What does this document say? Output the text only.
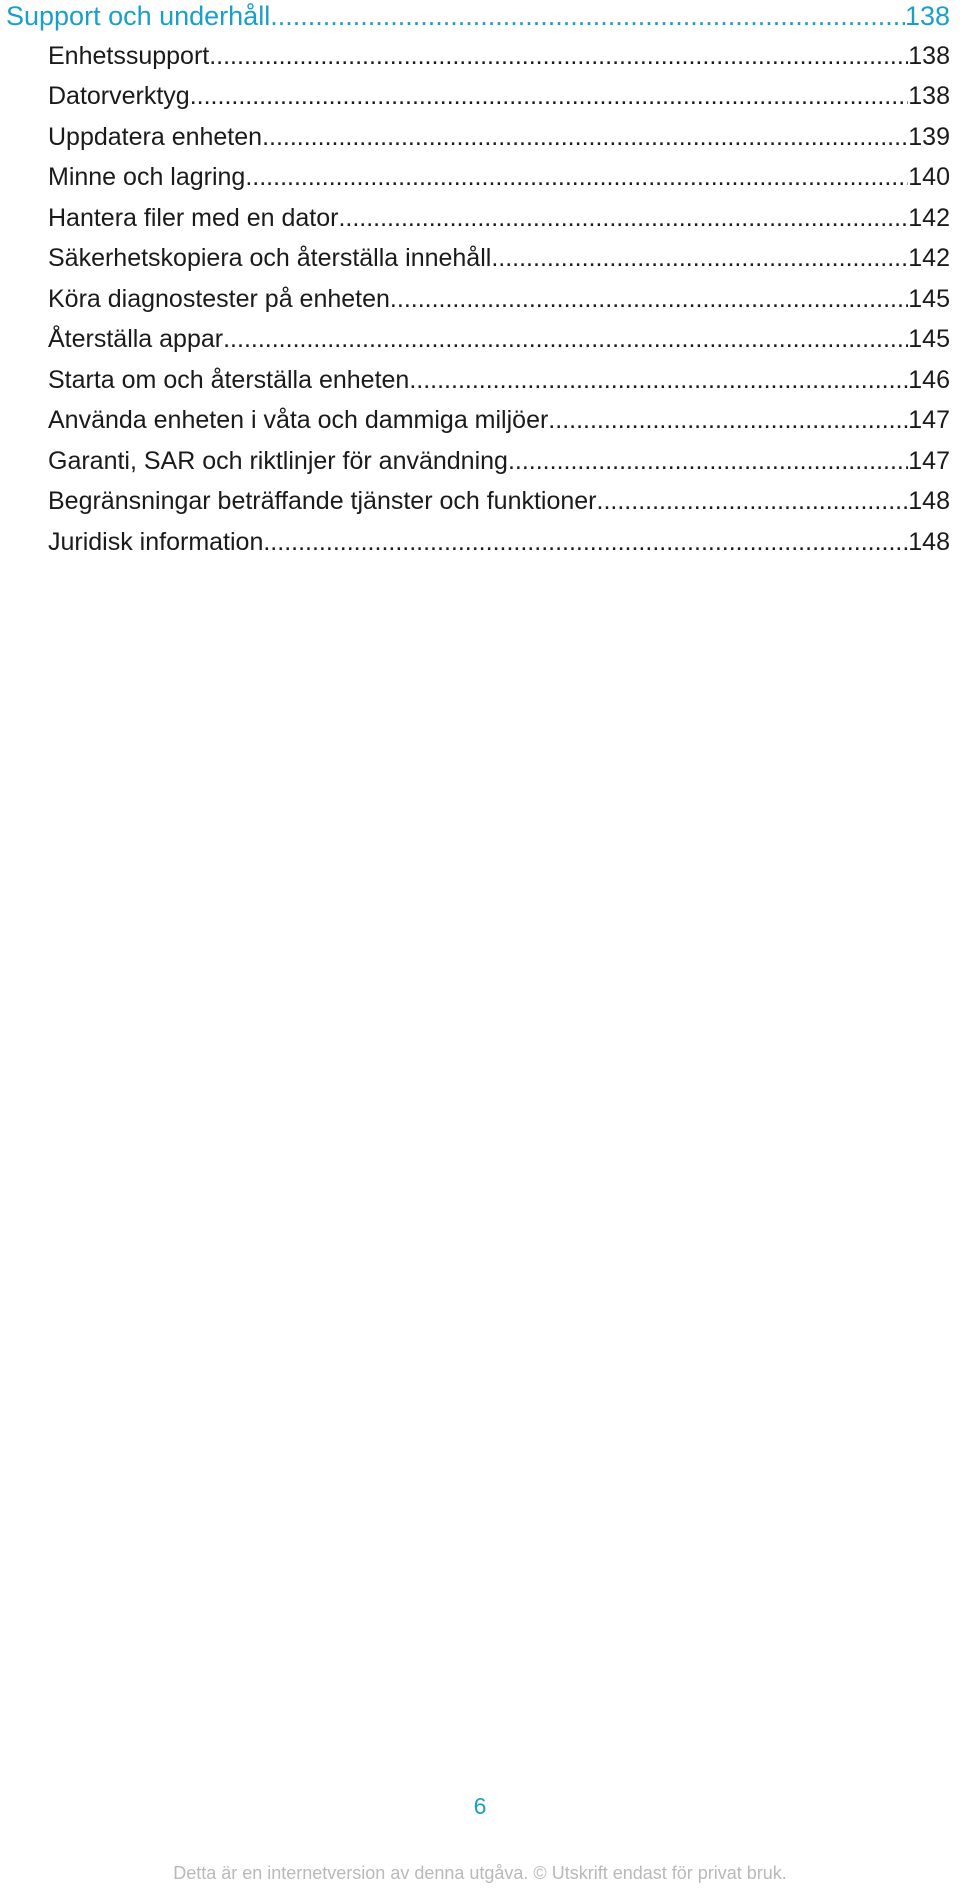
Support och underhåll .....	138
Enhetssupport .....	138
Datorverktyg .....	138
Uppdatera enheten .....	139
Minne och lagring .....	140
Hantera filer med en dator .....	142
Säkerhetskopiera och återställa innehåll .....	142
Köra diagnostester på enheten .....	145
Återställa appar .....	145
Starta om och återställa enheten .....	146
Använda enheten i våta och dammiga miljöer .....	147
Garanti, SAR och riktlinjer för användning .....	147
Begränsningar beträffande tjänster och funktioner .....	148
Juridisk information .....	148
6
Detta är en internetversion av denna utgåva. © Utskrift endast för privat bruk.
